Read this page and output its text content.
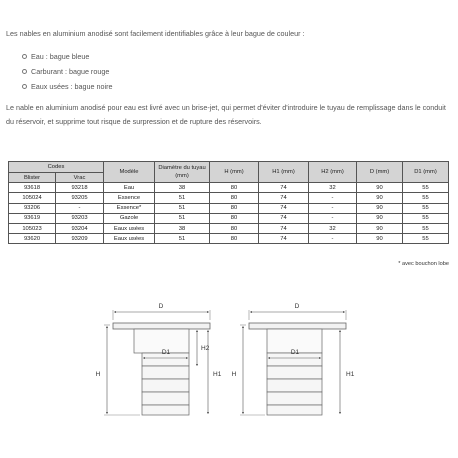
Les nables en aluminium anodisé sont facilement identifiables grâce à leur bague de couleur :
Eau : bague bleue
Carburant : bague rouge
Eaux usées : bague noire
Le nable en aluminium anodisé pour eau est livré avec un brise-jet, qui permet d'éviter d'introduire le tuyau de remplissage dans le conduit du réservoir, et supprime tout risque de surpression et de rupture des réservoirs.
Codes		Modèle	Diamètre du tuyau (mm)	H (mm)	H1 (mm)	H2 (mm)	D (mm)	D1 (mm)
Blister	Vrac							
93618	93218	Eau	38	80	74	32	90	55
105024	93205	Essence	51	80	74	-	90	55
93206	-	Essence*	51	80	74	-	90	55
93619	93203	Gazole	51	80	74	-	90	55
105023	93204	Eaux usées	38	80	74	32	90	55
93620	93209	Eaux usées	51	80	74	-	90	55
* avec bouchon lobe
D
D1
H2
H1
H
D
D1
H1
H
